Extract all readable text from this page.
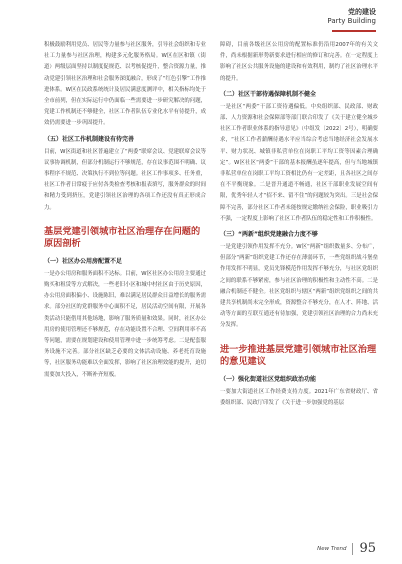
党的建设
Party Building

积极鼓励利用党员、居民等力量参与社区服务，引导社会组织和专业社工力量参与社区治理，构建多元化服务格局。W区在区和镇（街道）两级层面坚持以制度促规范、以考核促提升，整合资源力量，推动党建引领社区治理和社会服务深度融合，形成了“红色引擎”工作推进体系。W区在民政系统统计及居民满意度测评中，相关指标均处于全市前列，但在实际运行中仍面临一些需要进一步研究解决的问题，党建工作机制还不够健全，社区工作者队伍专业化水平有待提升，成效仍需要进一步巩固提升。

（五）社区工作机制建设有待完善

目前，W区街道和社区普遍建立了“两委”联席会议、党建联席会议等议事协调机制，但部分机制运行不够规范，存在议事范围不明确、议事程序不规范、决策执行不到位等问题。社区工作事项多、任务重，社区工作者日常疲于应付各类检查考核和报表填写，服务群众的时间和精力受到挤压，党建引领社区治理的各项工作还没有真正形成合力。

基层党建引领城市社区治理存在问题的原因剖析
（一）社区办公用房配置不足

一是办公用房和服务面积不达标。目前，W区社区办公用房主要通过购买和租赁等方式解决，一些老旧小区和城中村社区由于历史原因，办公用房面积偏小、设施陈旧，难以满足居民群众日益增长的服务需求。部分社区的党群服务中心面积不足，居民活动空间有限，开展各类活动只能借用其他场地，影响了服务质量和效果。同时，社区办公用房的使用管理还不够规范，存在功能设置不合理、空间利用率不高等问题，需要在规划建设和使用管理中进一步统筹考虑。二是配套服务设施不完善。部分社区缺乏必要的文体活动设施、养老托育设施等，社区服务功能难以全面发挥，影响了社区治理效能的提升，迫切需要加大投入，不断补齐短板。

障碍，目前各级社区公用房的配置标准仍沿用2007年的有关文件，尚未根据新形势新要求进行相应的修订和完善。在一定程度上影响了社区公共服务设施的建设和有效利用，制约了社区治理水平的提升。

（二）社区干部待遇保障机制不健全

一是社区“两委”干部工资待遇偏低。中央组织部、民政部、财政部、人力资源和社会保障部等部门联合印发了《关于建立健全城乡社区工作者职业体系的指导意见》（中组发〔2022〕2号），明确要求，“社区工作者薪酬待遇水平应当综合考虑当地经济社会发展水平、财力状况、城镇非私营单位在岗职工平均工资等因素合理确定”。W区社区“两委”干部的基本报酬虽逐年提高，但与当地城镇非私营单位在岗职工平均工资相比仍有一定差距，且各社区之间存在不平衡现象。二是晋升通道不畅通，社区干部职业发展空间有限，优秀年轻人才“招不来、留不住”的问题较为突出。三是社会保障不完善，部分社区工作者未能按规定缴纳社会保险，职业吸引力不强，一定程度上影响了社区工作者队伍的稳定性和工作积极性。

（三）“两新”组织党建融合力度不够

一是党建引领作用发挥不充分。W区“两新”组织数量多、分布广，但部分“两新”组织党建工作还存在薄弱环节，一些党组织战斗堡垒作用发挥不明显，党员先锋模范作用发挥不够充分，与社区党组织之间的联系不够紧密，参与社区治理的积极性和主动性不高。二是融合机制还不健全。社区党组织与辖区“两新”组织党组织之间的共建共享机制尚未完全形成，资源整合不够充分，在人才、阵地、活动等方面的互联互通还有待加强，党建引领社区治理的合力尚未充分发挥。

进一步推进基层党建引领城市社区治理的意见建议
（一）强化街道社区党组织政治功能

一要加大街道社区工作经费支持力度。2021年广东省财政厅、省委组织部、民政厅印发了《关于进一步加强党的基层

New Trend 95
